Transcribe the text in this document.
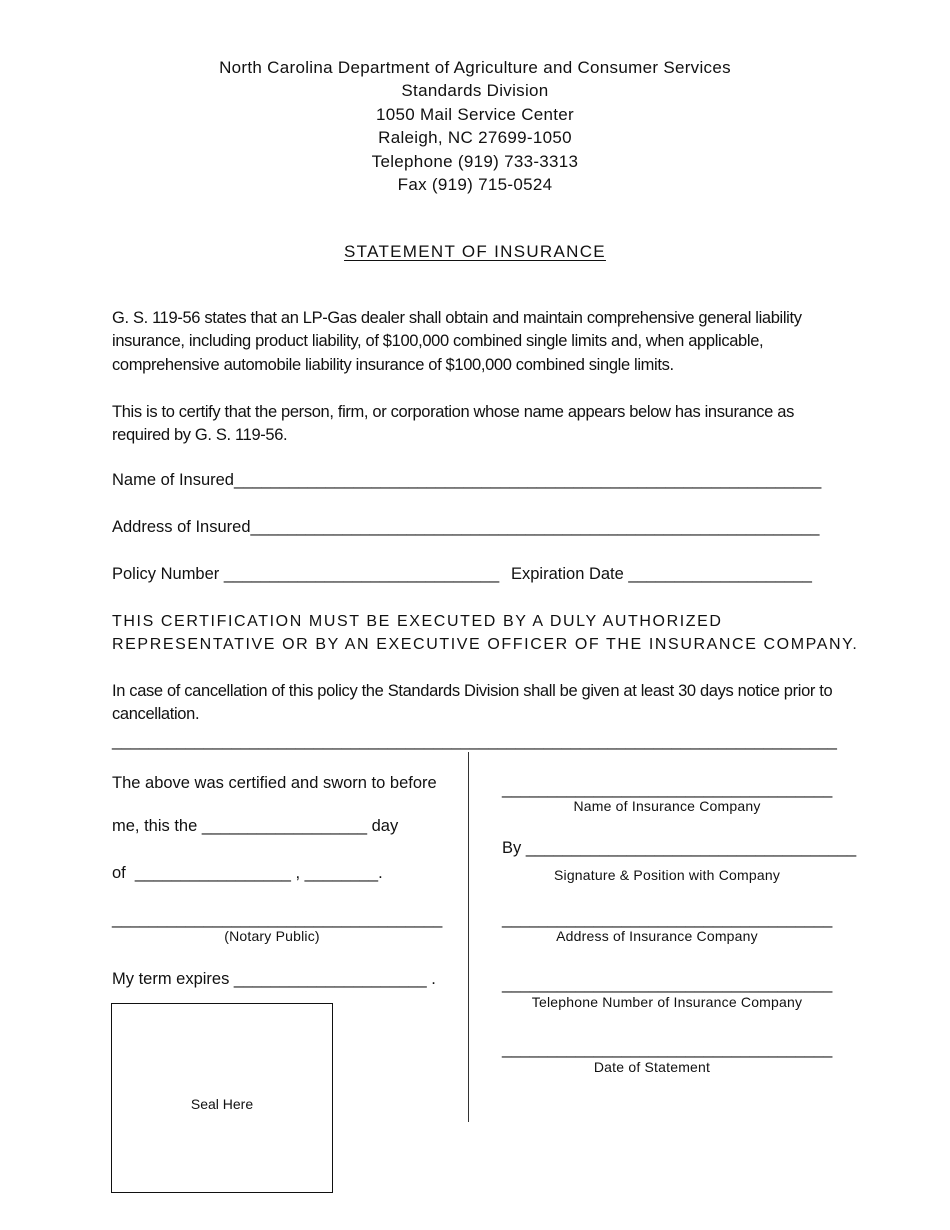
North Carolina Department of Agriculture and Consumer Services
Standards Division
1050 Mail Service Center
Raleigh, NC 27699-1050
Telephone (919) 733-3313
Fax (919) 715-0524
STATEMENT OF INSURANCE
G. S. 119-56 states that an LP-Gas dealer shall obtain and maintain comprehensive general liability
insurance, including product liability, of $100,000 combined single limits and, when applicable,
comprehensive automobile liability insurance of $100,000 combined single limits.
This is to certify that the person, firm, or corporation whose name appears below has insurance as
required by G. S. 119-56.
Name of Insured________________________________________________________________
Address of Insured______________________________________________________________
Policy Number ______________________________ Expiration Date ____________________
THIS CERTIFICATION MUST BE EXECUTED BY A DULY AUTHORIZED
REPRESENTATIVE OR BY AN EXECUTIVE OFFICER OF THE INSURANCE COMPANY.
In case of cancellation of this policy the Standards Division shall be given at least 30 days notice prior to
cancellation.
_______________________________________________________________________________
The above was certified and sworn to before
me, this the __________________ day
of  _________________ , ________.
____________________________________
(Notary Public)
My term expires _____________________ .
Seal Here
____________________________________
Name of Insurance Company
By ____________________________________
Signature & Position with Company
____________________________________
Address of Insurance Company
____________________________________
Telephone Number of Insurance Company
____________________________________
Date of Statement
